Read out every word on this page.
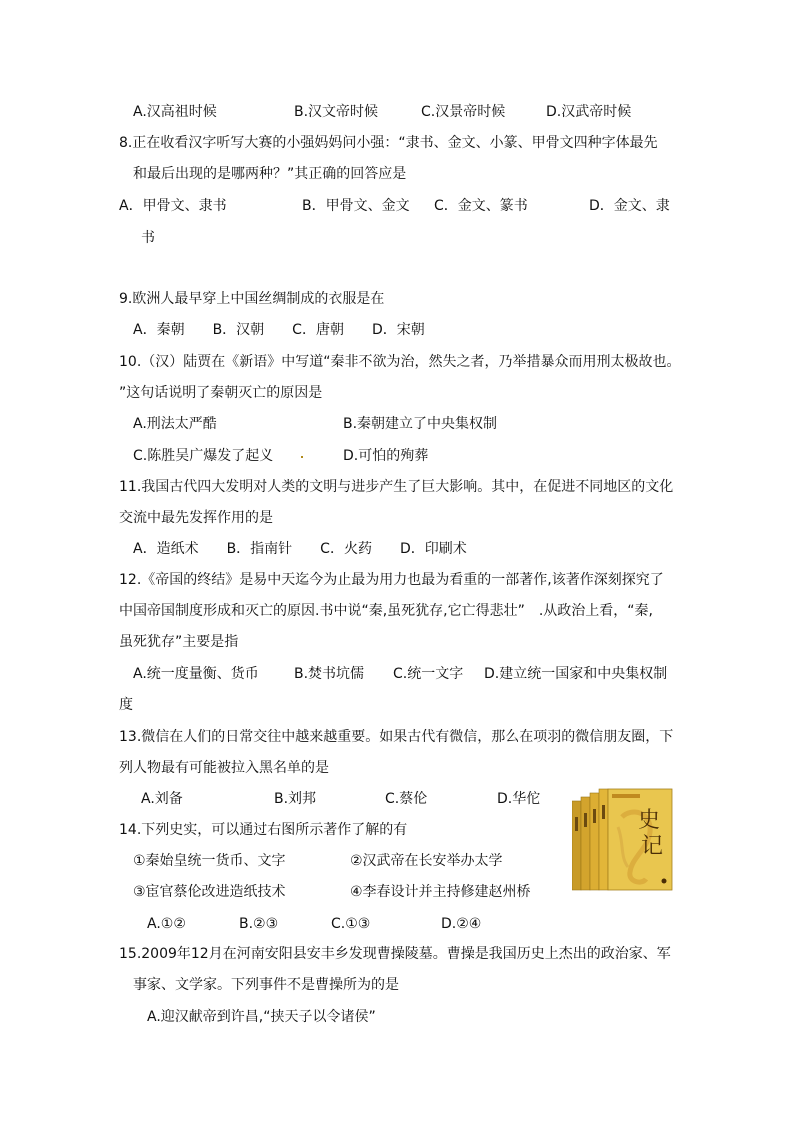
A.汉高祖时候	B.汉文帝时候	C.汉景帝时候	D.汉武帝时候
8.正在收看汉字听写大赛的小强妈妈问小强：“隶书、金文、小篆、甲骨文四种字体最先
和最后出现的是哪两种？”其正确的回答应是
A．甲骨文、隶书	B．甲骨文、金文 C．金文、篆书	D．金文、隶
书
9.欧洲人最早穿上中国丝绸制成的衣服是在
A．秦朝　　B．汉朝　　C．唐朝　　D．宋朝
10.（汉）陆贾在《新语》中写道“秦非不欲为治，然失之者，乃举措暴众而用刑太极故也。
”这句话说明了秦朝灭亡的原因是
A.刑法太严酷	B.秦朝建立了中央集权制
C.陈胜吴广爆发了起义	D.可怕的殉葬
11.我国古代四大发明对人类的文明与进步产生了巨大影响。其中，在促进不同地区的文化
交流中最先发挥作用的是
A．造纸术　　B．指南针　　C．火药　　D．印刷术
12.《帝国的终结》是易中天迄今为止最为用力也最为看重的一部著作,该著作深刻探究了
中国帝国制度形成和灭亡的原因.书中说“秦,虽死犹存,它亡得悲壮”　.从政治上看，“秦,
虽死犹存”主要是指
A.统一度量衡、货币	B.焚书坑儒 C.统一文字 D.建立统一国家和中央集权制
度
13.微信在人们的日常交往中越来越重要。如果古代有微信，那么在项羽的微信朋友圈，下
列人物最有可能被拉入黑名单的是
A.刘备	B.刘邦	C.蔡伦	D.华佗
14.下列史实，可以通过右图所示著作了解的有
①秦始皇统一货币、文字	②汉武帝在长安举办太学
③宦官蔡伦改进造纸技术	④李春设计并主持修建赵州桥
A.①②	B.②③	C.①③	D.②④
15.2009年12月在河南安阳县安丰乡发现曹操陵墓。曹操是我国历史上杰出的政治家、军
事家、文学家。下列事件不是曹操所为的是
A.迎汉献帝到许昌,“挟天子以令诸侯”
史
记
